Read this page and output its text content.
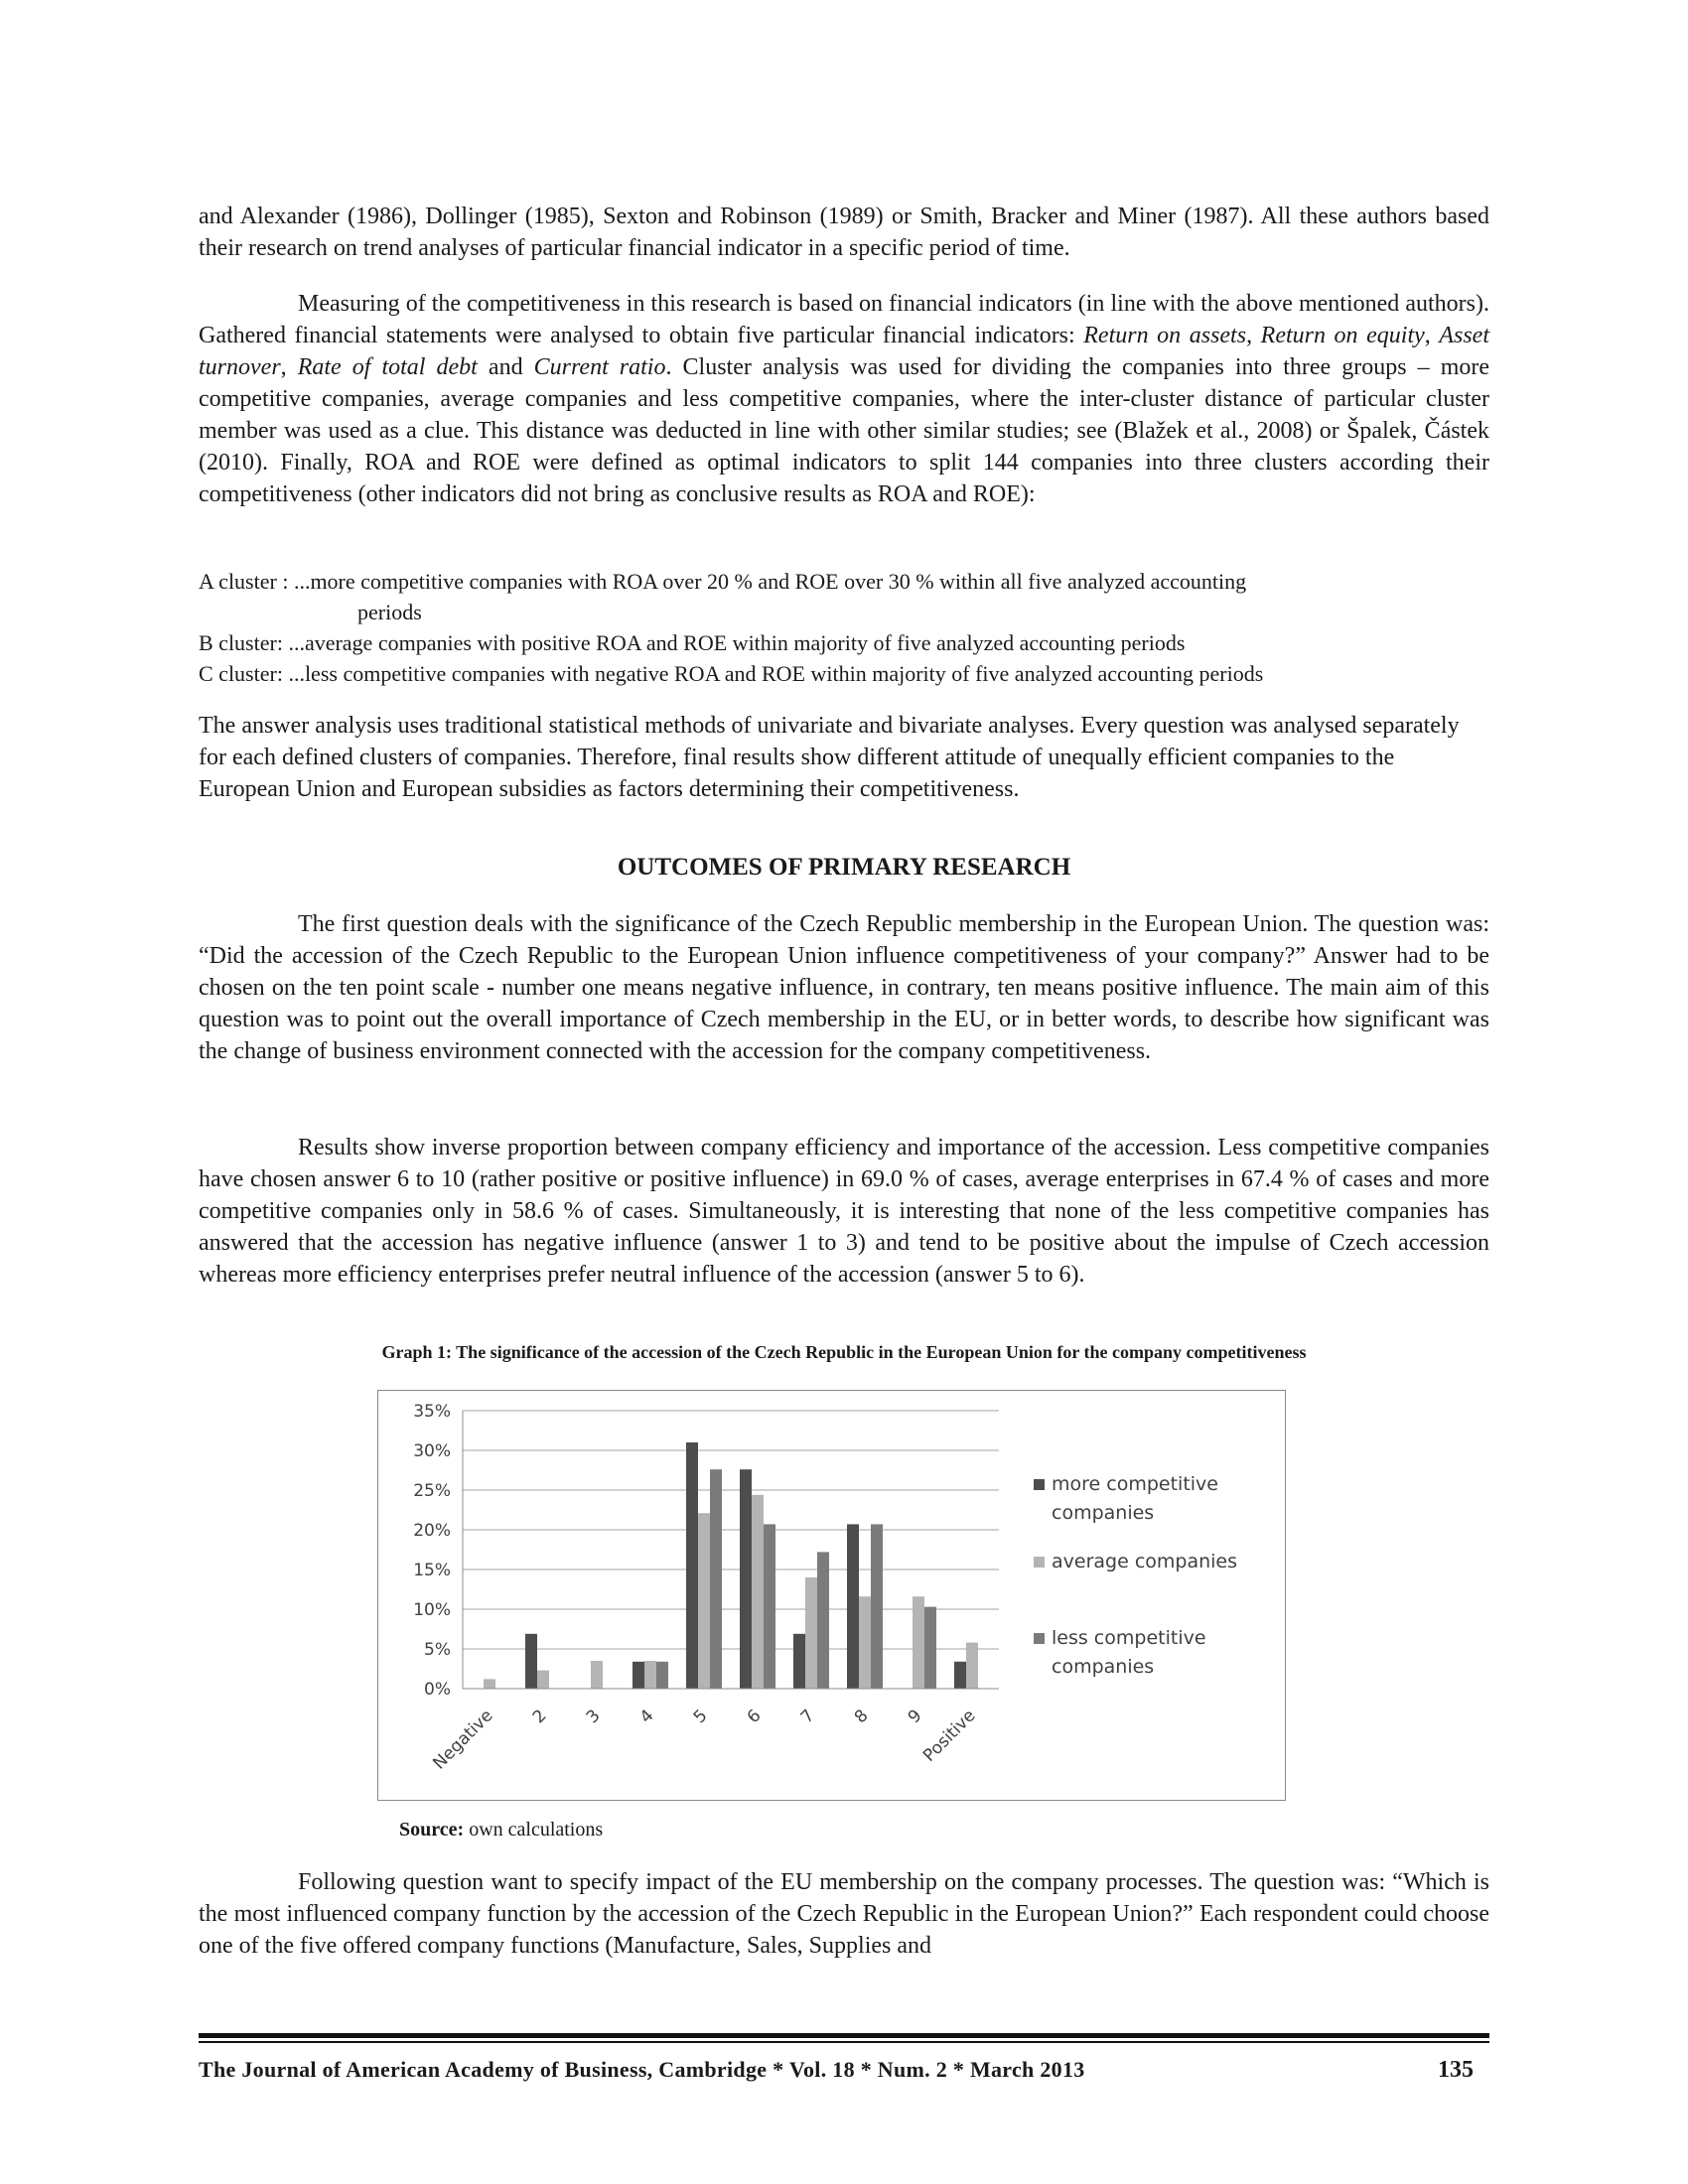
and Alexander (1986), Dollinger (1985), Sexton and Robinson (1989) or Smith, Bracker and Miner (1987). All these authors based their research on trend analyses of particular financial indicator in a specific period of time.

Measuring of the competitiveness in this research is based on financial indicators (in line with the above mentioned authors). Gathered financial statements were analysed to obtain five particular financial indicators: Return on assets, Return on equity, Asset turnover, Rate of total debt and Current ratio. Cluster analysis was used for dividing the companies into three groups – more competitive companies, average companies and less competitive companies, where the inter-cluster distance of particular cluster member was used as a clue. This distance was deducted in line with other similar studies; see (Blažek et al., 2008) or Špalek, Částek (2010). Finally, ROA and ROE were defined as optimal indicators to split 144 companies into three clusters according their competitiveness (other indicators did not bring as conclusive results as ROA and ROE):

A cluster : ...more competitive companies with ROA over 20 % and ROE over 30 % within all five analyzed accounting
periods
B cluster: ...average companies with positive ROA and ROE within majority of five analyzed accounting periods
C cluster: ...less competitive companies with negative ROA and ROE within majority of five analyzed accounting periods

The answer analysis uses traditional statistical methods of univariate and bivariate analyses. Every question was analysed separately for each defined clusters of companies. Therefore, final results show different attitude of unequally efficient companies to the European Union and European subsidies as factors determining their competitiveness.

OUTCOMES OF PRIMARY RESEARCH

The first question deals with the significance of the Czech Republic membership in the European Union. The question was: “Did the accession of the Czech Republic to the European Union influence competitiveness of your company?” Answer had to be chosen on the ten point scale - number one means negative influence, in contrary, ten means positive influence. The main aim of this question was to point out the overall importance of Czech membership in the EU, or in better words, to describe how significant was the change of business environment connected with the accession for the company competitiveness.

Results show inverse proportion between company efficiency and importance of the accession. Less competitive companies have chosen answer 6 to 10 (rather positive or positive influence) in 69.0 % of cases, average enterprises in 67.4 % of cases and more competitive companies only in 58.6 % of cases. Simultaneously, it is interesting that none of the less competitive companies has answered that the accession has negative influence (answer 1 to 3) and tend to be positive about the impulse of Czech accession whereas more efficiency enterprises prefer neutral influence of the accession (answer 5 to 6).

Graph 1: The significance of the accession of the Czech Republic in the European Union for the company competitiveness
0%
5%
10%
15%
20%
25%
30%
35%
Negative 2 3 4 5 6 7 8 9
Positive
more competitive
companies
average companies
less competitive
companies
Source: own calculations

Following question want to specify impact of the EU membership on the company processes. The question was: “Which is the most influenced company function by the accession of the Czech Republic in the European Union?” Each respondent could choose one of the five offered company functions (Manufacture, Sales, Supplies and

The Journal of American Academy of Business, Cambridge * Vol. 18 * Num. 2 * March 2013	135
